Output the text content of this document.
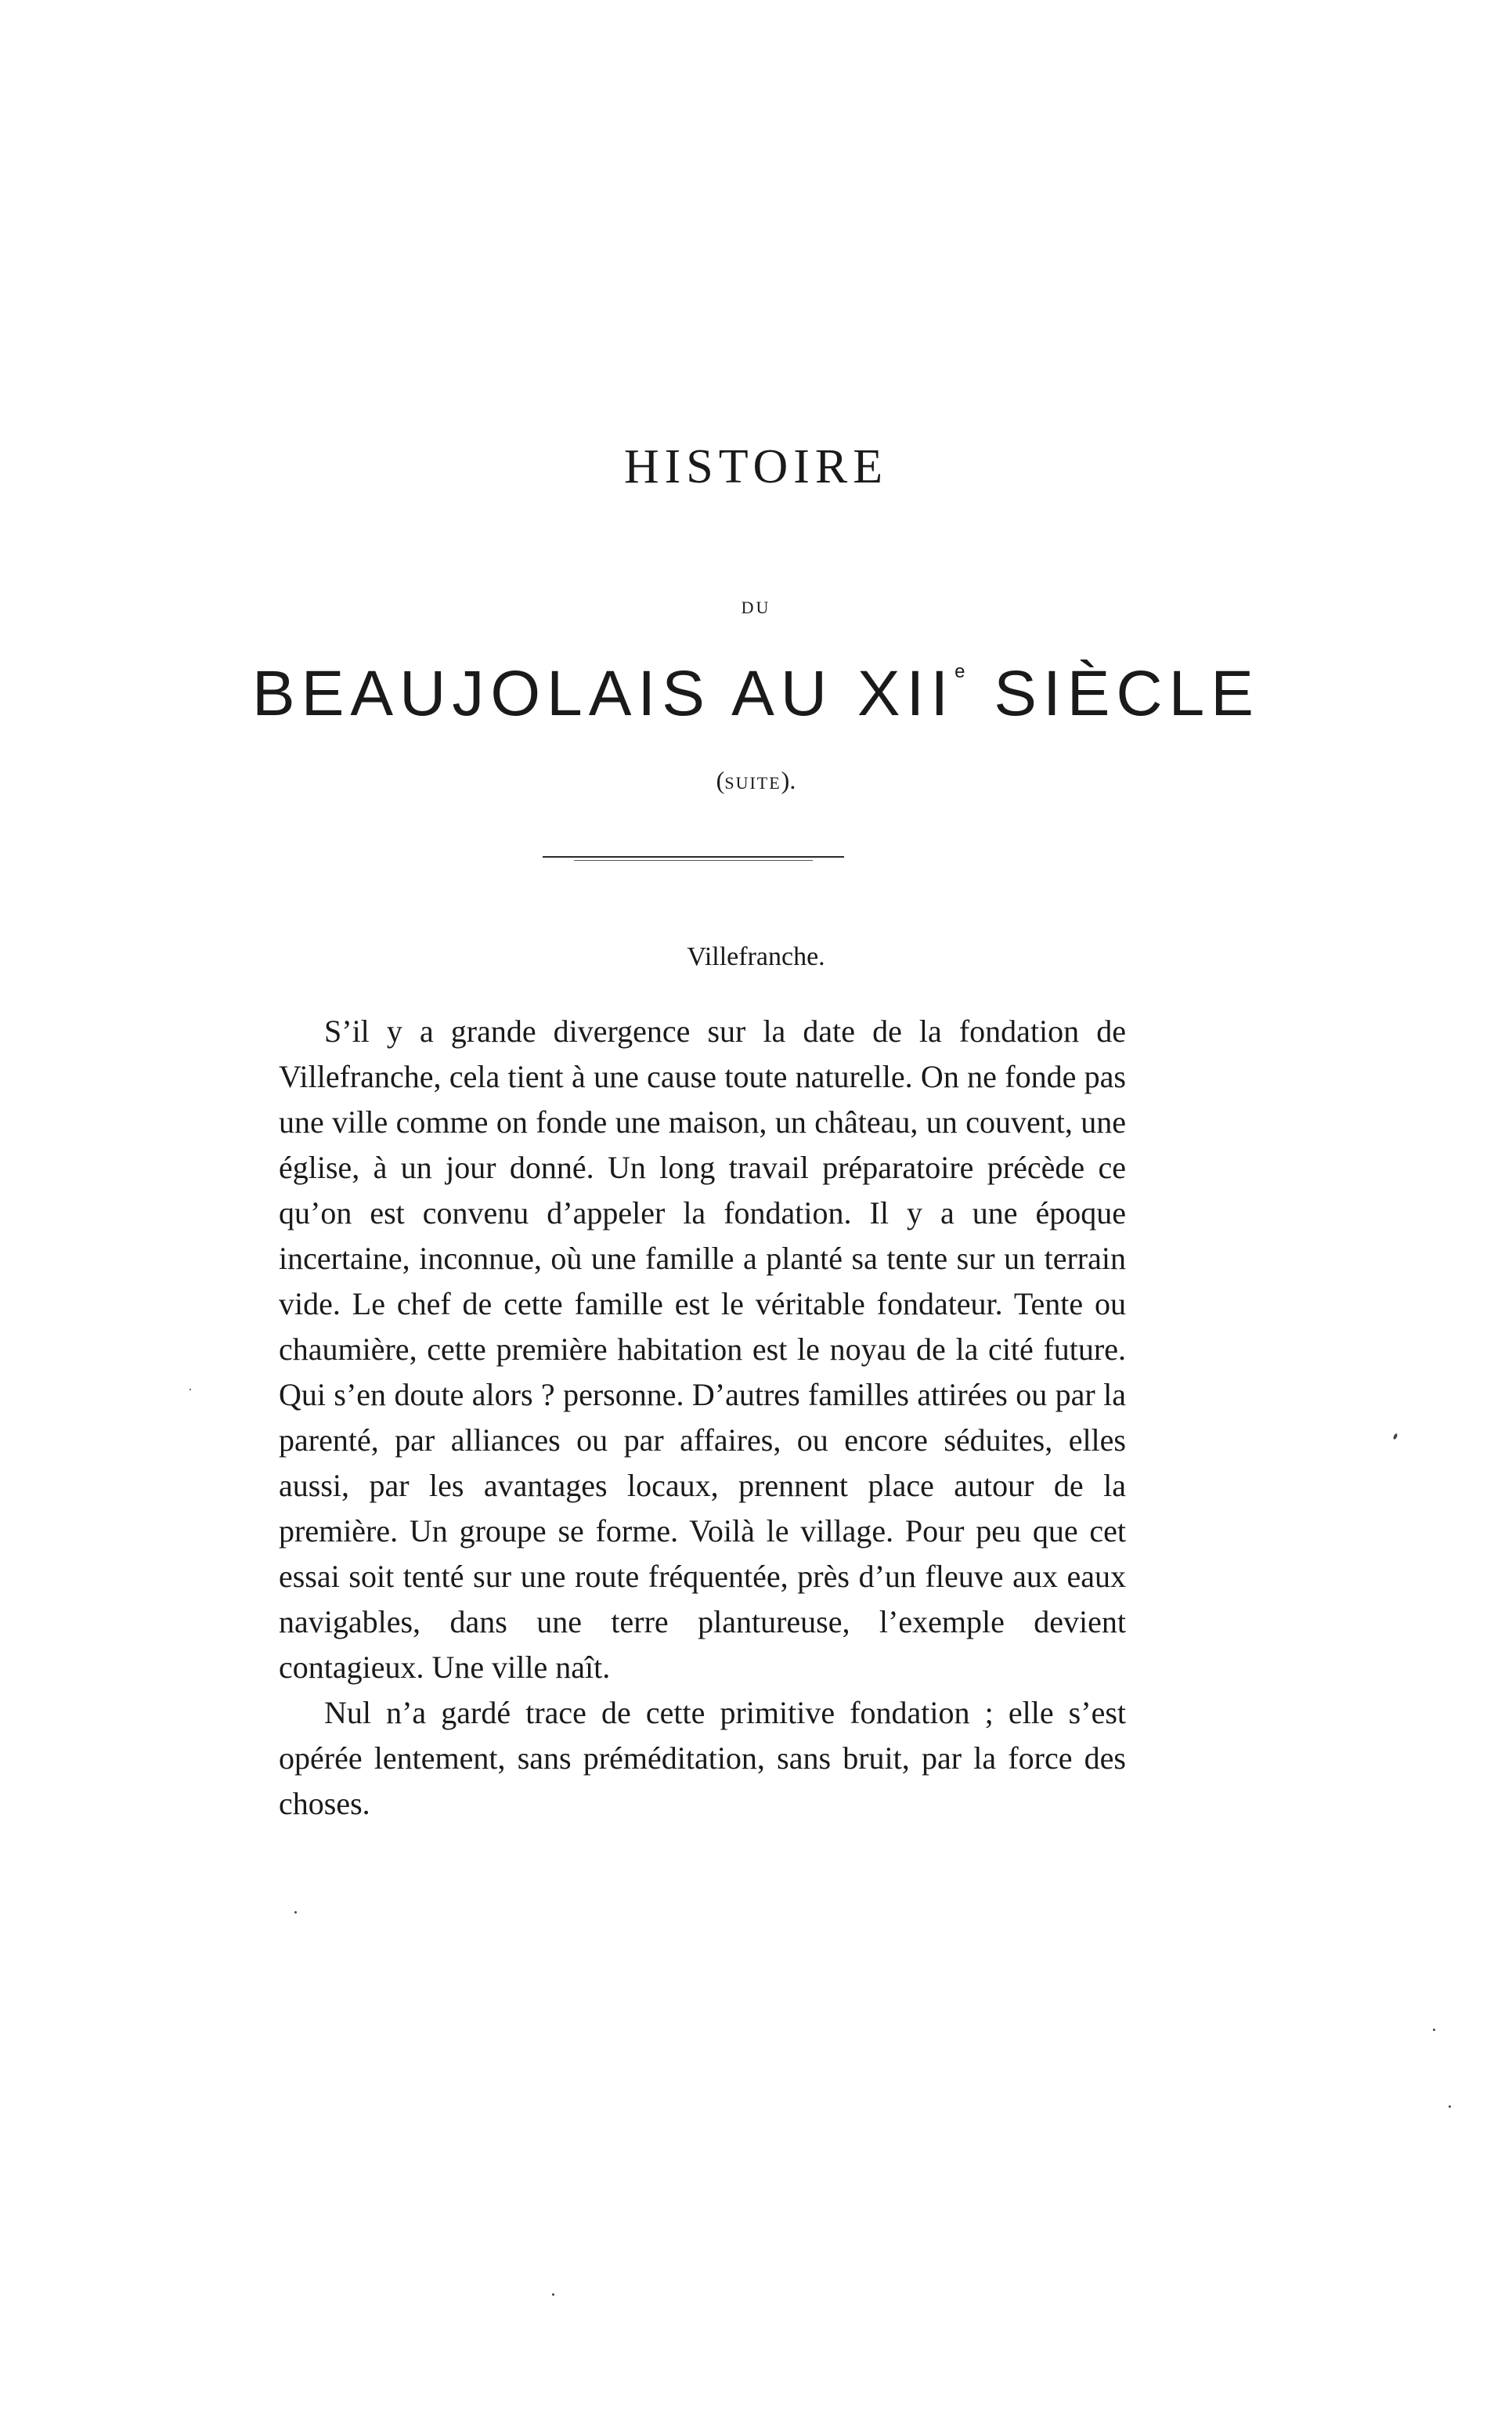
HISTOIRE
DU
BEAUJOLAIS AU XIIe SIÈCLE
(suite).
Villefranche.

S’il y a grande divergence sur la date de la fondation de Villefranche, cela tient à une cause toute naturelle. On ne fonde pas une ville comme on fonde une maison, un château, un couvent, une église, à un jour donné. Un long travail préparatoire précède ce qu’on est convenu d’appeler la fondation. Il y a une époque incertaine, inconnue, où une famille a planté sa tente sur un terrain vide. Le chef de cette famille est le véritable fondateur. Tente ou chaumière, cette première habitation est le noyau de la cité future. Qui s’en doute alors ? personne. D’autres familles attirées ou par la parenté, par alliances ou par affaires, ou encore séduites, elles aussi, par les avantages locaux, prennent place autour de la première. Un groupe se forme. Voilà le village. Pour peu que cet essai soit tenté sur une route fréquentée, près d’un fleuve aux eaux navigables, dans une terre plantureuse, l’exemple devient contagieux. Une ville naît.

Nul n’a gardé trace de cette primitive fondation ; elle s’est opérée lentement, sans préméditation, sans bruit, par la force des choses.
